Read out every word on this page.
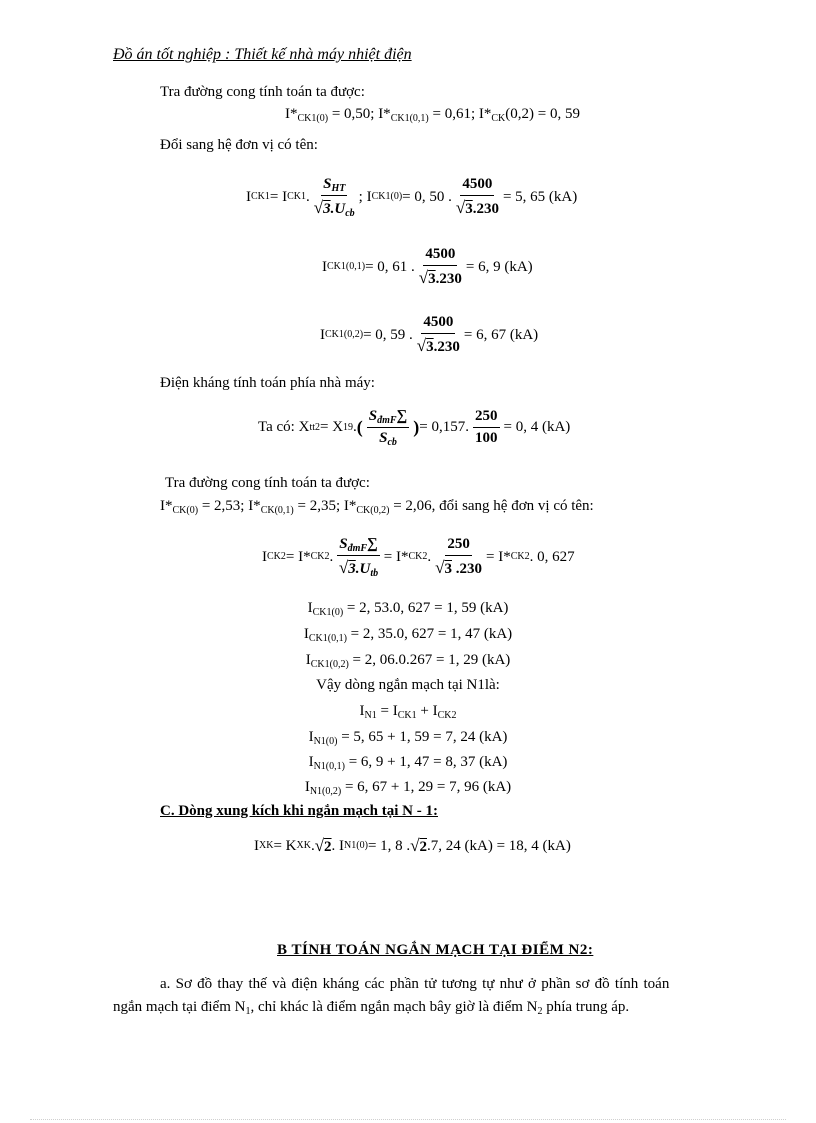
Đồ án tốt nghiệp : Thiết kế nhà máy nhiệt điện
Tra đường cong tính toán ta được:
$I*_{CK1(0)} = 0,50$; $I*_{CK1(0,1)} = 0,61$; $I*_{CK}(0,2) = 0$, 59
Đổi sang hệ đơn vị có tên:
I CK1 = I CK1 . $\frac{S_{HT}}{√3.U_{cb}}$ ; I CK1(0) = 0, 50 . $\frac{4500}{√3.230} = 5$, 65 (kA)
I CK1(0,1) = 0, 61 . $\frac{4500}{√3.230} = 6$, 9 (kA)
I CK1(0,2) = 0, 59 . $\frac{4500}{√3.230} = 6$, 67 (kA)
Điện kháng tính toán phía nhà máy:
Ta có: X tt2 = X 19 . ( $\frac{S_{đmF}\sum}{S_{cb}}$ ) = 0,157. $\frac{250}{100} = 0$, 4 (kA)
Tra đường cong tính toán ta được:
$I*_{CK(0)} = 2,53$; $I*_{CK(0,1)} = 2,35$; $I*_{CK(0,2)} = 2,06$, đổi sang hệ đơn vị có tên:
I CK2 = I* CK2 . $\frac{S_{đmF}\sum}{√3.U_{tb}} = I*$ CK2 . $\frac{250}{√3 .230} = I*$ CK2 . 0, 627
$I_{CK1(0)} = 2$, 53.0, 627 = 1, 59 (kA)
$I_{CK1(0,1)} = 2$, 35.0, 627 = 1, 47 (kA)
$I_{CK1(0,2)} = 2$, 06.0.267 = 1, 29 (kA)
Vậy dòng ngắn mạch tại N1là:
$I_{N1} = I_{CK1} + I_{CK2}$
$I_{N1(0)} = 5$, 65 + 1, 59 = 7, 24 (kA)
$I_{N1(0,1)} = 6$, 9 + 1, 47 = 8, 37 (kA)
$I_{N1(0,2)} = 6$, 67 + 1, 29 = 7, 96 (kA)
C. Dòng xung kích khi ngắn mạch tại N - 1:
I XK = K XK . √2 . I N1(0) = 1, 8 . √2 .7, 24 (kA) = 18, 4 (kA)
B TÍNH TOÁN NGẮN MẠCH TẠI ĐIỂM N2:
a. Sơ đồ thay thế và điện kháng các phần tử tương tự như ở phần sơ đồ tính toán
ngắn mạch tại điểm $N_1$, chỉ khác là điểm ngắn mạch bây giờ là điểm $N_2$ phía trung áp.
